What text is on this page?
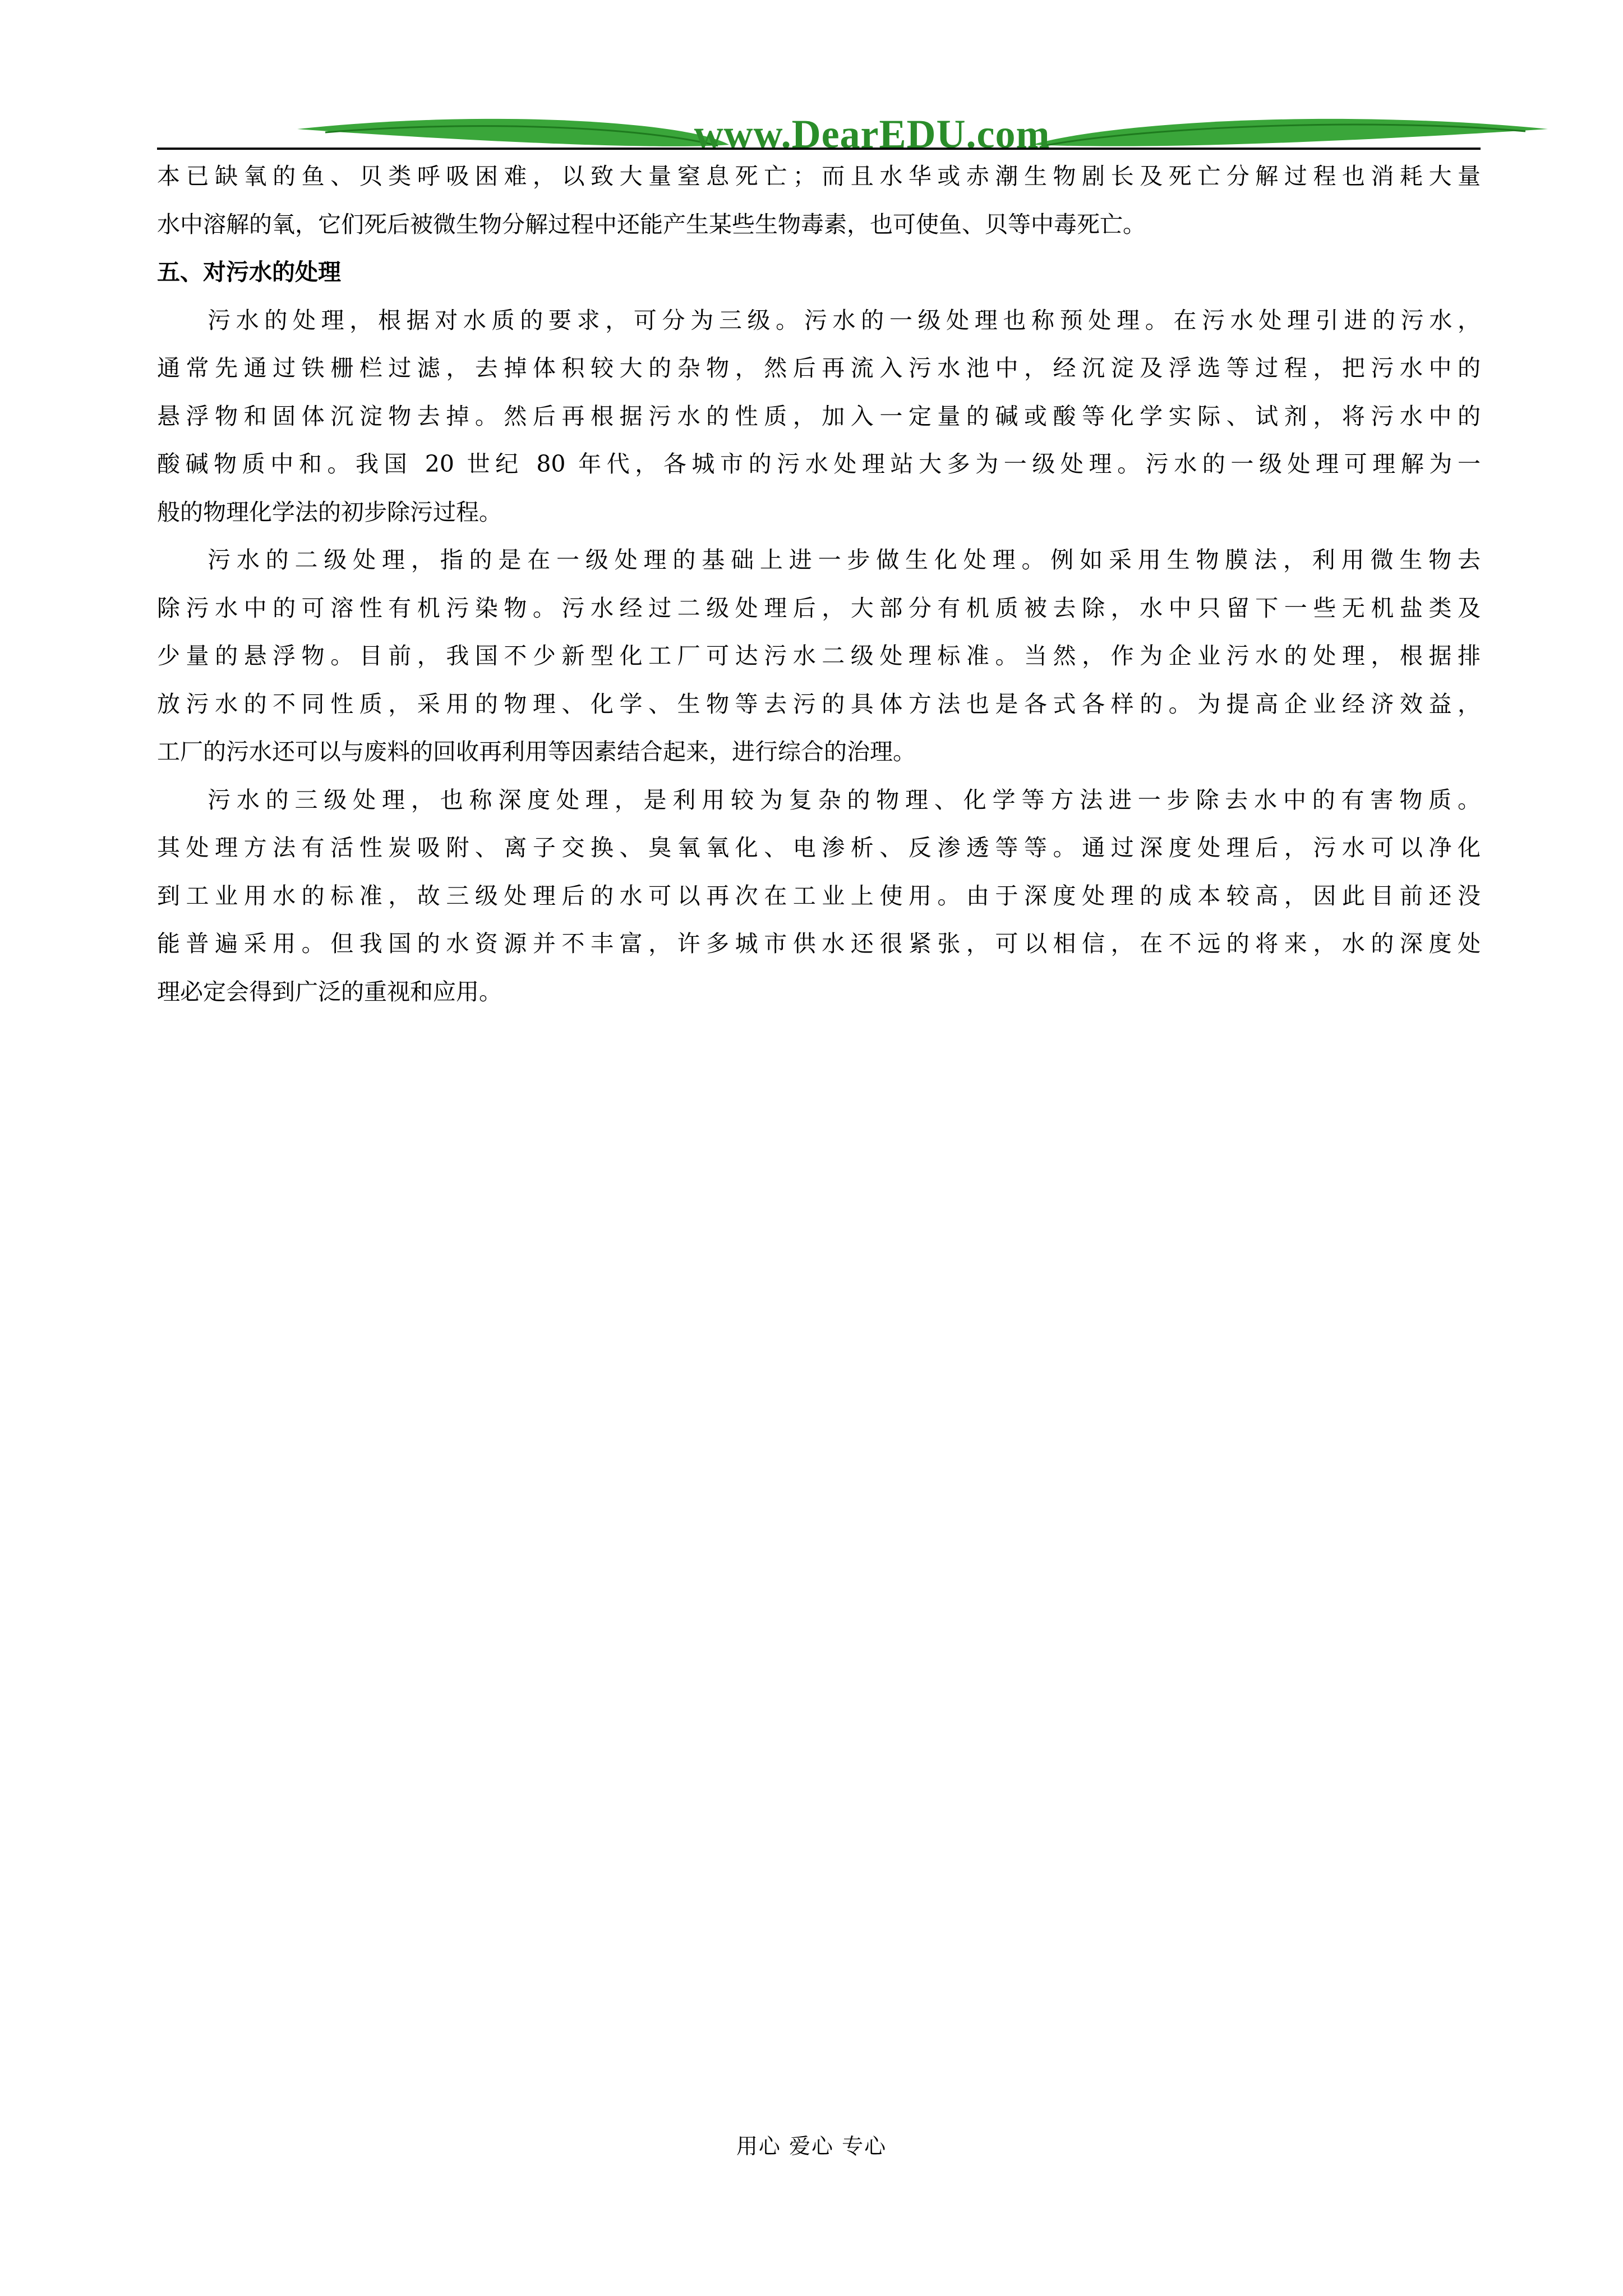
www.DearEDU.com
本已缺氧的鱼、贝类呼吸困难，以致大量窒息死亡；而且水华或赤潮生物剧长及死亡分解过程也消耗大量
水中溶解的氧，它们死后被微生物分解过程中还能产生某些生物毒素，也可使鱼、贝等中毒死亡。
五、对污水的处理
污水的处理，根据对水质的要求，可分为三级。污水的一级处理也称预处理。在污水处理引进的污水，
通常先通过铁栅栏过滤，去掉体积较大的杂物，然后再流入污水池中，经沉淀及浮选等过程，把污水中的
悬浮物和固体沉淀物去掉。然后再根据污水的性质，加入一定量的碱或酸等化学实际、试剂，将污水中的
酸碱物质中和。我国 20 世纪 80 年代，各城市的污水处理站大多为一级处理。污水的一级处理可理解为一
般的物理化学法的初步除污过程。
污水的二级处理，指的是在一级处理的基础上进一步做生化处理。例如采用生物膜法，利用微生物去
除污水中的可溶性有机污染物。污水经过二级处理后，大部分有机质被去除，水中只留下一些无机盐类及
少量的悬浮物。目前，我国不少新型化工厂可达污水二级处理标准。当然，作为企业污水的处理，根据排
放污水的不同性质，采用的物理、化学、生物等去污的具体方法也是各式各样的。为提高企业经济效益，
工厂的污水还可以与废料的回收再利用等因素结合起来，进行综合的治理。
污水的三级处理，也称深度处理，是利用较为复杂的物理、化学等方法进一步除去水中的有害物质。
其处理方法有活性炭吸附、离子交换、臭氧氧化、电渗析、反渗透等等。通过深度处理后，污水可以净化
到工业用水的标准，故三级处理后的水可以再次在工业上使用。由于深度处理的成本较高，因此目前还没
能普遍采用。但我国的水资源并不丰富，许多城市供水还很紧张，可以相信，在不远的将来，水的深度处
理必定会得到广泛的重视和应用。
用心 爱心 专心
